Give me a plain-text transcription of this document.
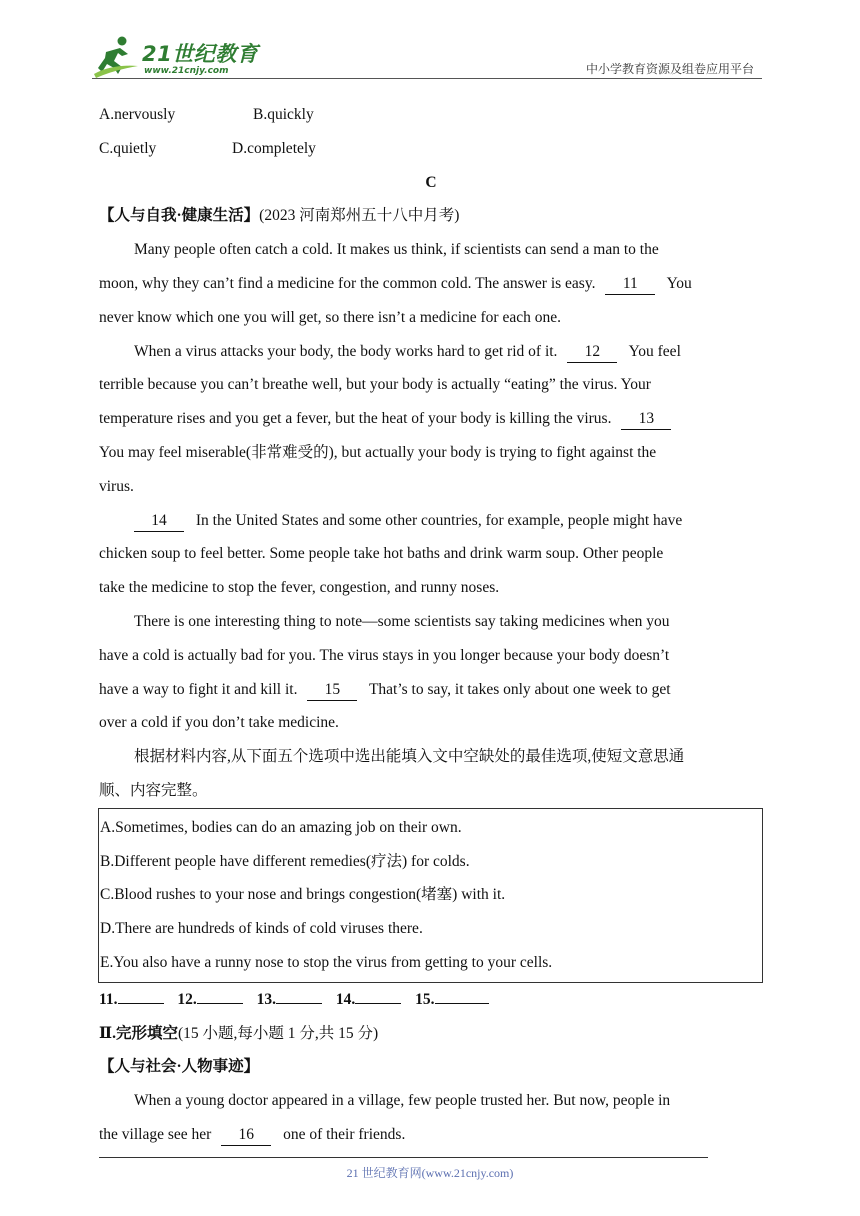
21世纪教育
www.21cnjy.com	中小学教育资源及组卷应用平台
A.nervously	B.quickly
C.quietly	D.completely
C
【人与自我·健康生活】(2023 河南郑州五十八中月考)
Many people often catch a cold. It makes us think, if scientists can send a man to the
moon, why they can’t find a medicine for the common cold. The answer is easy. 11 You
never know which one you will get, so there isn’t a medicine for each one.
When a virus attacks your body, the body works hard to get rid of it. 12 You feel
terrible because you can’t breathe well, but your body is actually “eating” the virus. Your
temperature rises and you get a fever, but the heat of your body is killing the virus. 13
You may feel miserable(非常难受的), but actually your body is trying to fight against the
virus.
14 In the United States and some other countries, for example, people might have
chicken soup to feel better. Some people take hot baths and drink warm soup. Other people
take the medicine to stop the fever, congestion, and runny noses.
There is one interesting thing to note—some scientists say taking medicines when you
have a cold is actually bad for you. The virus stays in you longer because your body doesn’t
have a way to fight it and kill it. 15 That’s to say, it takes only about one week to get
over a cold if you don’t take medicine.
根据材料内容,从下面五个选项中选出能填入文中空缺处的最佳选项,使短文意思通
顺、内容完整。
A.Sometimes, bodies can do an amazing job on their own.
B.Different people have different remedies(疗法) for colds.
C.Blood rushes to your nose and brings congestion(堵塞) with it.
D.There are hundreds of kinds of cold viruses there.
E.You also have a runny nose to stop the virus from getting to your cells.
11.	12.	13.	14.	15.
Ⅱ.完形填空(15 小题,每小题 1 分,共 15 分)
【人与社会·人物事迹】
When a young doctor appeared in a village, few people trusted her. But now, people in
the village see her 16 one of their friends.
21 世纪教育网(www.21cnjy.com)
